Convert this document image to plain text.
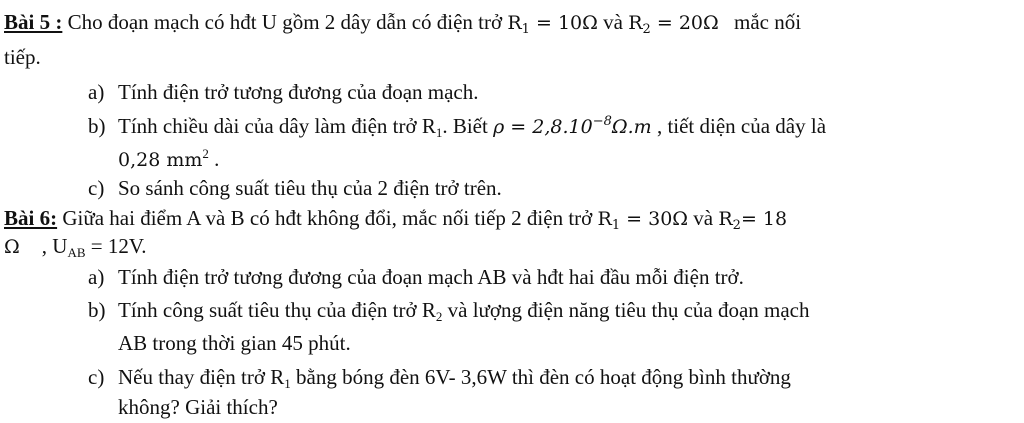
Bài 5 : Cho đoạn mạch có hđt U gồm 2 dây dẫn có điện trở $R_1 = 10\Omega$ và $R_2 = 20\Omega$ mắc nối
tiếp.
a) Tính điện trở tương đương của đoạn mạch.
b) Tính chiều dài của dây làm điện trở $R_1$. Biết $\rho = 2,8.10^{-8}\Omega.m$ , tiết diện của dây là
0,28 $mm^2$ .
c) So sánh công suất tiêu thụ của 2 điện trở trên.
Bài 6: Giữa hai điểm A và B có hđt không đổi, mắc nối tiếp 2 điện trở $R_1 = 30\Omega$ và $R_2= 18$
Ω , $U_{AB} = 12V$.
a) Tính điện trở tương đương của đoạn mạch AB và hđt hai đầu mỗi điện trở.
b) Tính công suất tiêu thụ của điện trở $R_2$ và lượng điện năng tiêu thụ của đoạn mạch
AB trong thời gian 45 phút.
c) Nếu thay điện trở $R_1$ bằng bóng đèn 6V- 3,6W thì đèn có hoạt động bình thường
không? Giải thích?
